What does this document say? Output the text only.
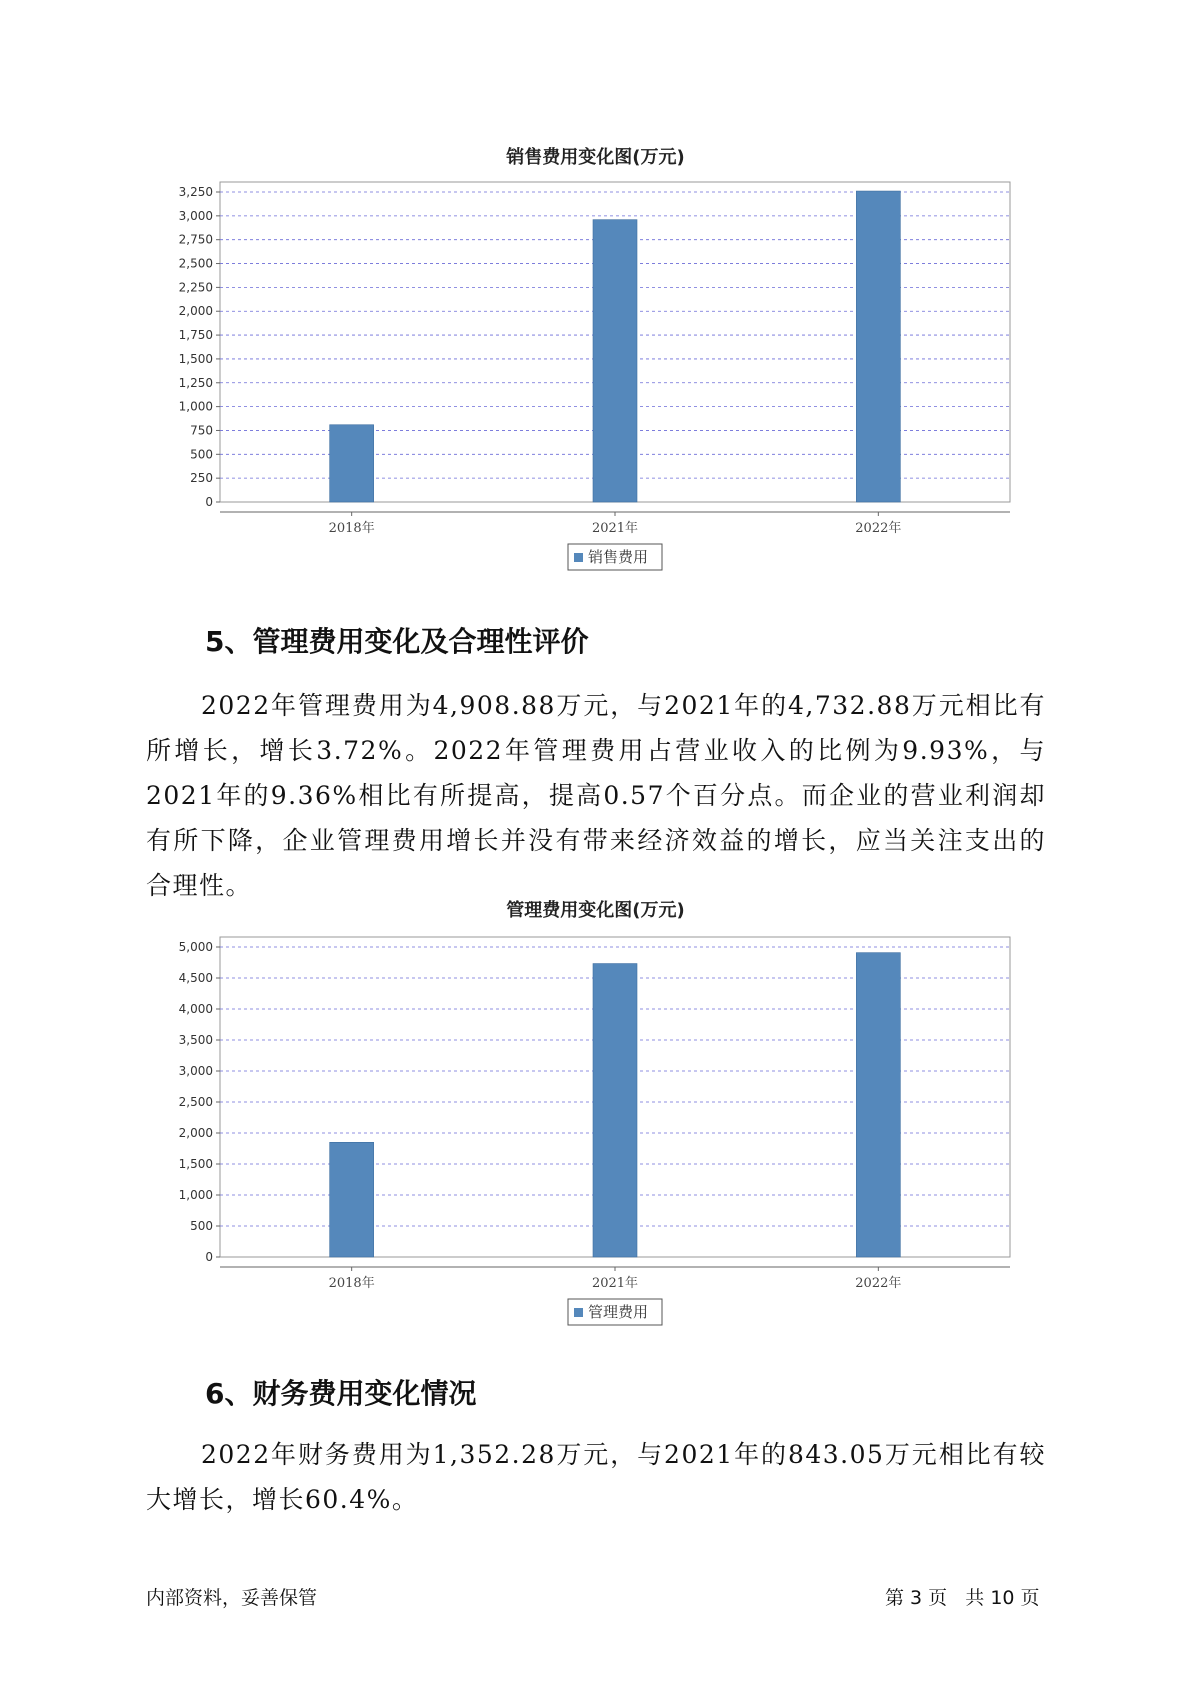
销售费用变化图(万元)
0
250
500
750
1,000
1,250
1,500
1,750
2,000
2,250
2,500
2,750
3,000
3,250
2018年	2021年	2022年
销售费用
5、管理费用变化及合理性评价

2022年管理费用为4,908.88万元，与2021年的4,732.88万元相比有所增长，增长3.72%。2022年管理费用占营业收入的比例为9.93%，与2021年的9.36%相比有所提高，提高0.57个百分点。而企业的营业利润却有所下降，企业管理费用增长并没有带来经济效益的增长，应当关注支出的合理性。

管理费用变化图(万元)
0
500
1,000
1,500
2,000
2,500
3,000
3,500
4,000
4,500
5,000
2018年	2021年	2022年
管理费用
6、财务费用变化情况

2022年财务费用为1,352.28万元，与2021年的843.05万元相比有较大增长，增长60.4%。

内部资料，妥善保管	第 3 页   共 10 页
